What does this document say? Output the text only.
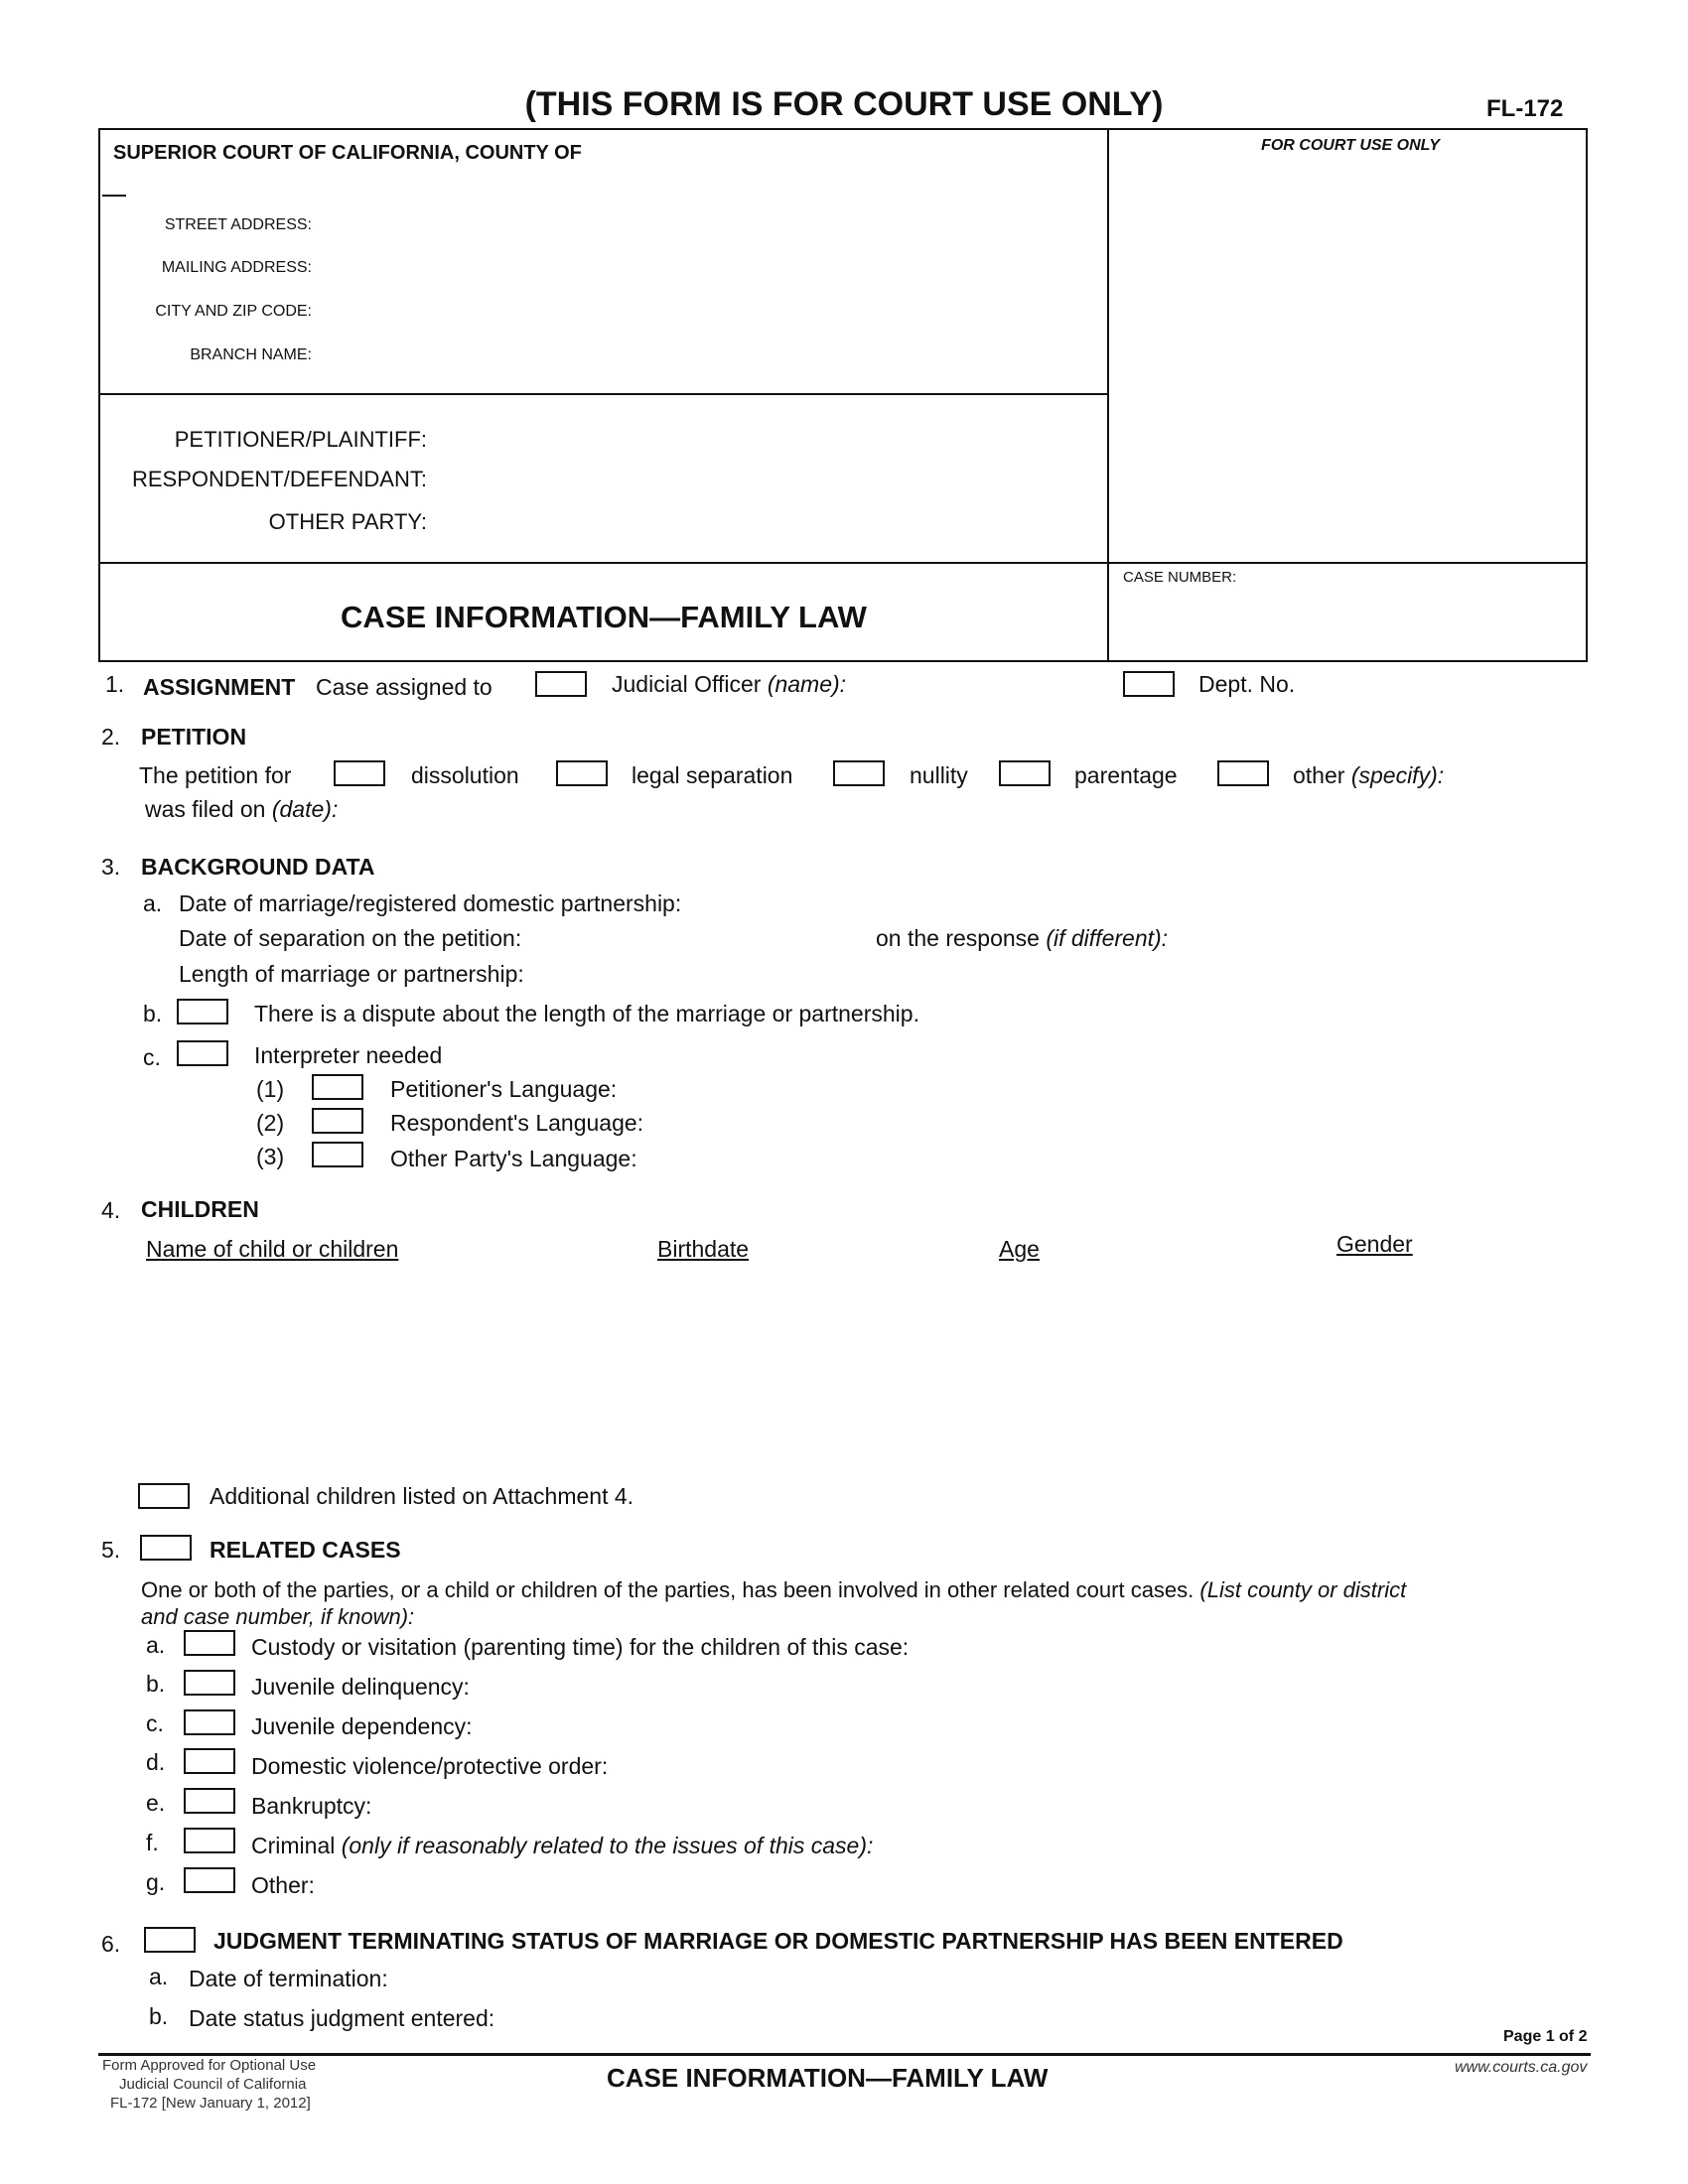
(THIS FORM IS FOR COURT USE ONLY)	FL-172
SUPERIOR COURT OF CALIFORNIA, COUNTY OF	FOR COURT USE ONLY
STREET ADDRESS:
MAILING ADDRESS:
CITY AND ZIP CODE:
BRANCH NAME:
PETITIONER/PLAINTIFF:
RESPONDENT/DEFENDANT:
OTHER PARTY:
CASE NUMBER:
CASE INFORMATION—FAMILY LAW
1. ASSIGNMENT Case assigned to	Judicial Officer (name):	Dept. No.
2. PETITION
The petition for	dissolution	legal separation	nullity	parentage	other (specify):
was filed on (date):
3. BACKGROUND DATA
a. Date of marriage/registered domestic partnership:
Date of separation on the petition:	on the response (if different):
Length of marriage or partnership:
b.	There is a dispute about the length of the marriage or partnership.
c.	Interpreter needed
(1)	Petitioner's Language:
(2)	Respondent's Language:
(3)	Other Party's Language:
4. CHILDREN
Name of child or children	Birthdate	Age	Gender
Additional children listed on Attachment 4.
5.	RELATED CASES
One or both of the parties, or a child or children of the parties, has been involved in other related court cases. (List county or district
and case number, if known):
a.	Custody or visitation (parenting time) for the children of this case:
b.	Juvenile delinquency:
c.	Juvenile dependency:
d.	Domestic violence/protective order:
e.	Bankruptcy:
f.	Criminal (only if reasonably related to the issues of this case):
g.	Other:
6.	JUDGMENT TERMINATING STATUS OF MARRIAGE OR DOMESTIC PARTNERSHIP HAS BEEN ENTERED
a. Date of termination:
b. Date status judgment entered:
Page 1 of 2
Form Approved for Optional Use
Judicial Council of California
FL-172 [New January 1, 2012]
CASE INFORMATION—FAMILY LAW	www.courts.ca.gov
